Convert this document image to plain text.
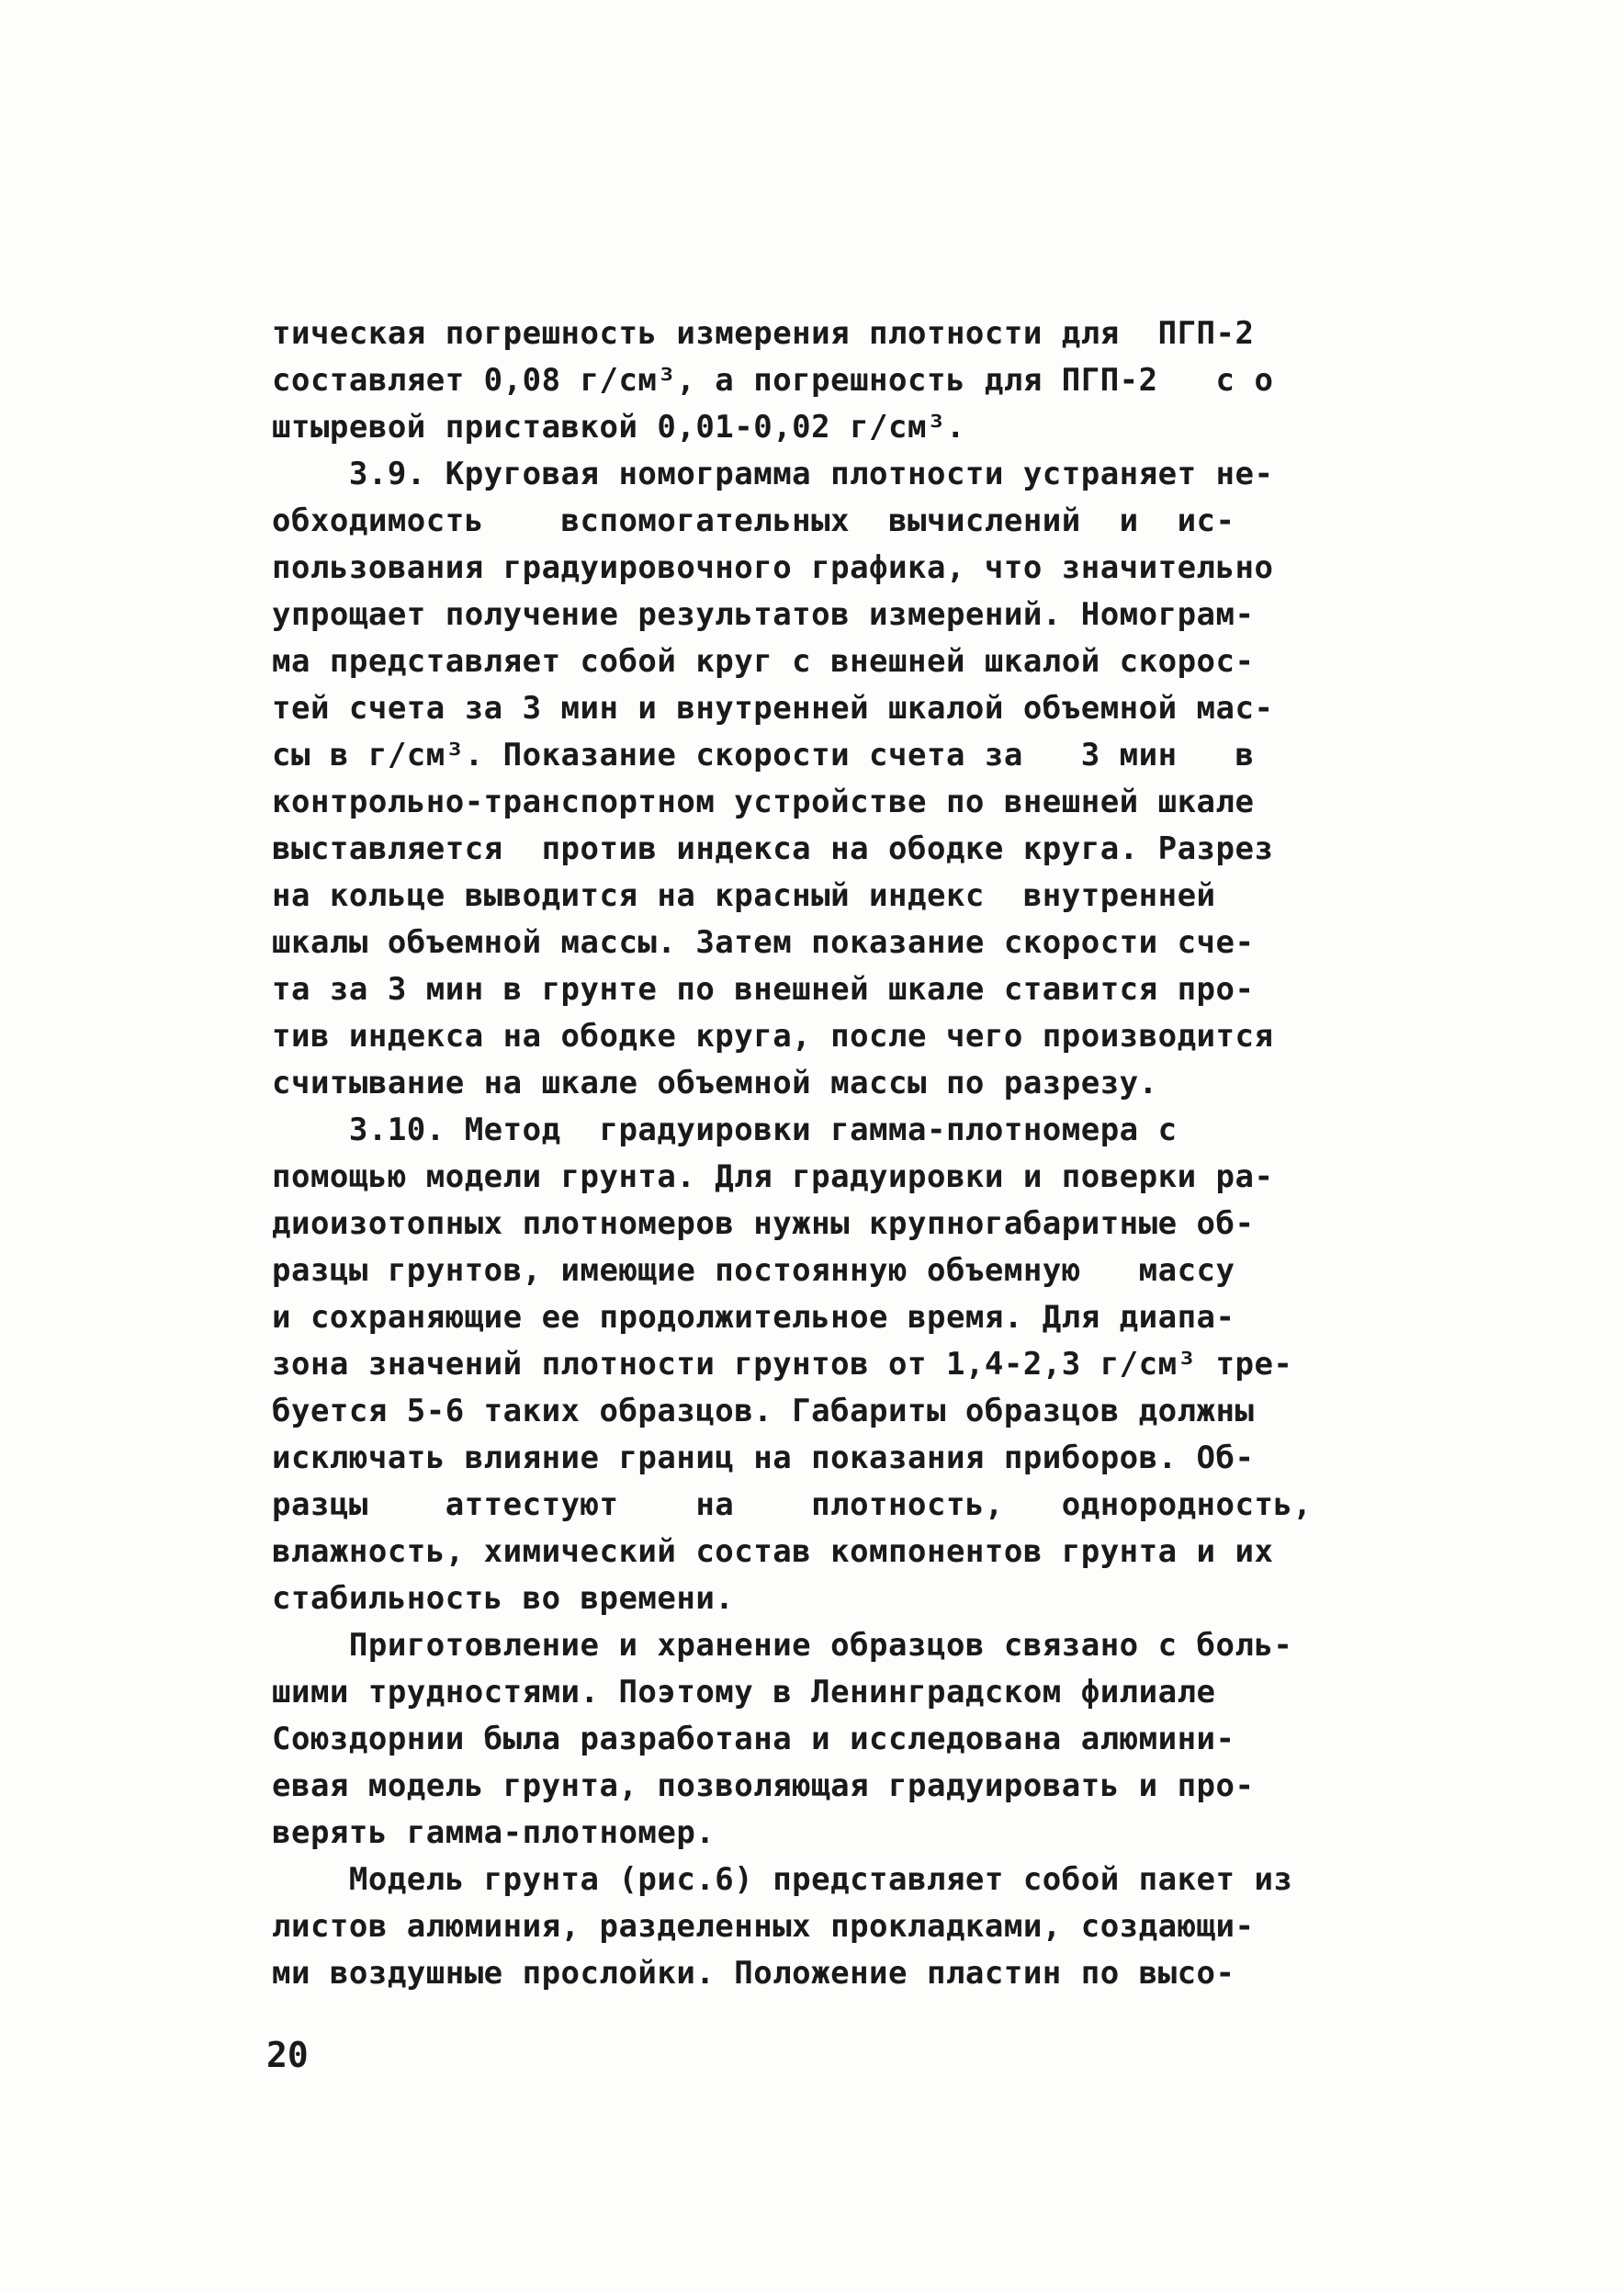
тическая погрешность измерения плотности для  ПГП-2
составляет 0,08 г/см³, а погрешность для ПГП-2   с о
штыревой приставкой 0,01-0,02 г/см³.
3.9. Круговая номограмма плотности устраняет не-
обходимость    вспомогательных  вычислений  и  ис-
пользования градуировочного графика, что значительно
упрощает получение результатов измерений. Номограм-
ма представляет собой круг с внешней шкалой скорос-
тей счета за 3 мин и внутренней шкалой объемной мас-
сы в г/см³. Показание скорости счета за   3 мин   в
контрольно-транспортном устройстве по внешней шкале
выставляется  против индекса на ободке круга. Разрез
на кольце выводится на красный индекс  внутренней
шкалы объемной массы. Затем показание скорости сче-
та за 3 мин в грунте по внешней шкале ставится про-
тив индекса на ободке круга, после чего производится
считывание на шкале объемной массы по разрезу.
3.10. Метод  градуировки гамма-плотномера с
помощью модели грунта. Для градуировки и поверки ра-
диоизотопных плотномеров нужны крупногабаритные об-
разцы грунтов, имеющие постоянную объемную   массу
и сохраняющие ее продолжительное время. Для диапа-
зона значений плотности грунтов от 1,4-2,3 г/см³ тре-
буется 5-6 таких образцов. Габариты образцов должны
исключать влияние границ на показания приборов. Об-
разцы    аттестуют    на    плотность,   однородность,
влажность, химический состав компонентов грунта и их
стабильность во времени.
Приготовление и хранение образцов связано с боль-
шими трудностями. Поэтому в Ленинградском филиале
Союздорнии была разработана и исследована алюмини-
евая модель грунта, позволяющая градуировать и про-
верять гамма-плотномер.
Модель грунта (рис.6) представляет собой пакет из
листов алюминия, разделенных прокладками, создающи-
ми воздушные прослойки. Положение пластин по высо-
20
